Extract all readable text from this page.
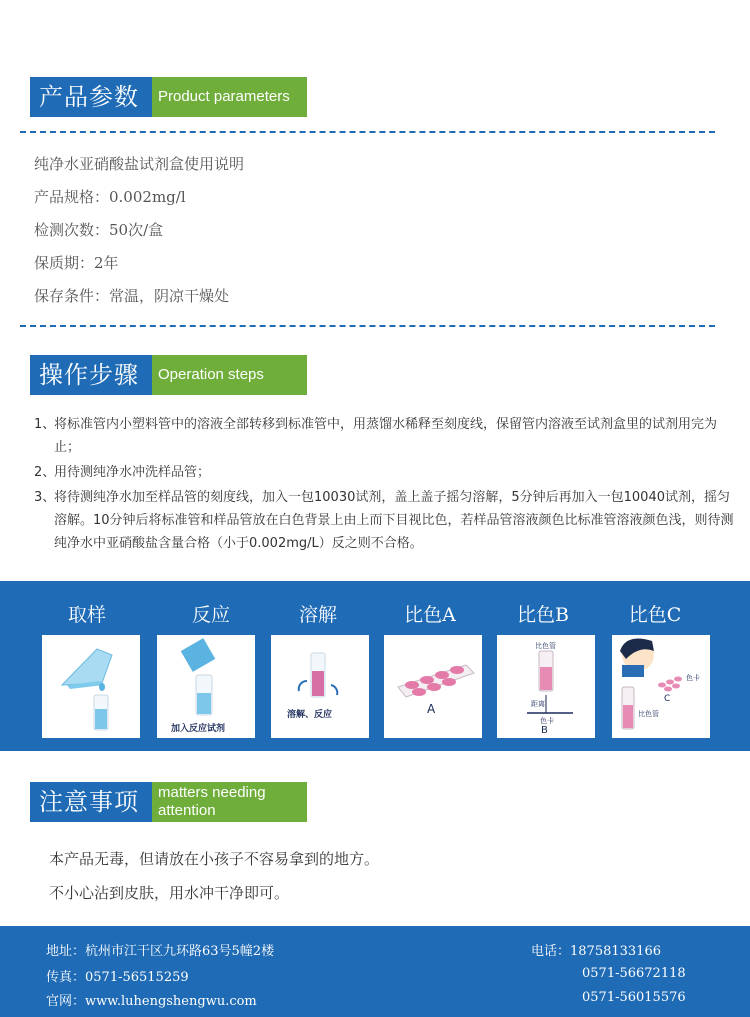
产品参数	Product parameters
纯净水亚硝酸盐试剂盒使用说明
产品规格：0.002mg/l
检测次数：50次/盒
保质期：2年
保存条件：常温，阴凉干燥处
操作步骤	Operation steps
1、
将标准管内小塑料管中的溶液全部转移到标准管中，用蒸馏水稀释至刻度线，保留管内溶液至试剂盒里的试剂用完为止；
2、
用待测纯净水冲洗样品管；
3、
将待测纯净水加至样品管的刻度线，加入一包10030试剂，盖上盖子摇匀溶解，5分钟后再加入一包10040试剂，摇匀溶解。10分钟后将标准管和样品管放在白色背景上由上而下目视比色，若样品管溶液颜色比标准管溶液颜色浅，则待测纯净水中亚硝酸盐含量合格（小于0.002mg/L）反之则不合格。
取样	反应	溶解	比色A	比色B	比色C
加入反应试剂
溶解、反应	A
比色管
距离
色卡
B
色卡
C
比色管
注意事项	matters needing attention
本产品无毒，但请放在小孩子不容易拿到的地方。
不小心沾到皮肤，用水冲干净即可。
地址：杭州市江干区九环路63号5幢2楼
传真：0571-56515259
官网：www.luhengshengwu.com
电话：18758133166
0571-56672118
0571-56015576
